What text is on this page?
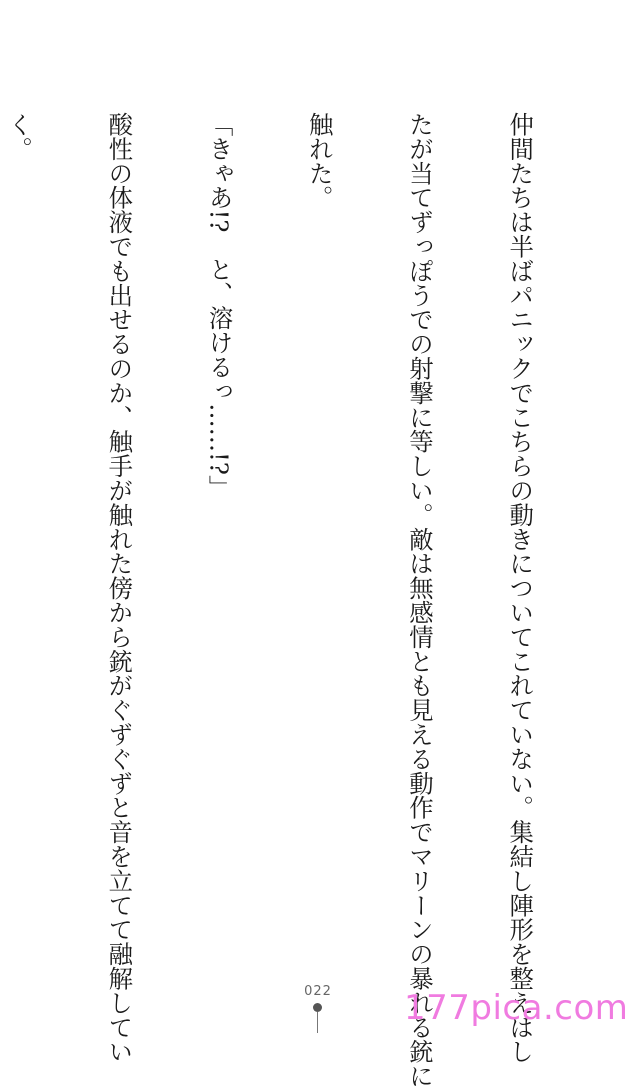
仲間たちは半ばパニックでこちらの動きについてこれていない。集結し陣形を整えはし

たが当てずっぽうでの射撃に等しい。敵は無感情とも見える動作でマリーンの暴れる銃に

触れた。

「きゃあ!?　と、溶けるっ……!?」

酸性の体液でも出せるのか、触手が触れた傍から銃がぐずぐずと音を立てて融解してい

く。

022 177pica.com
